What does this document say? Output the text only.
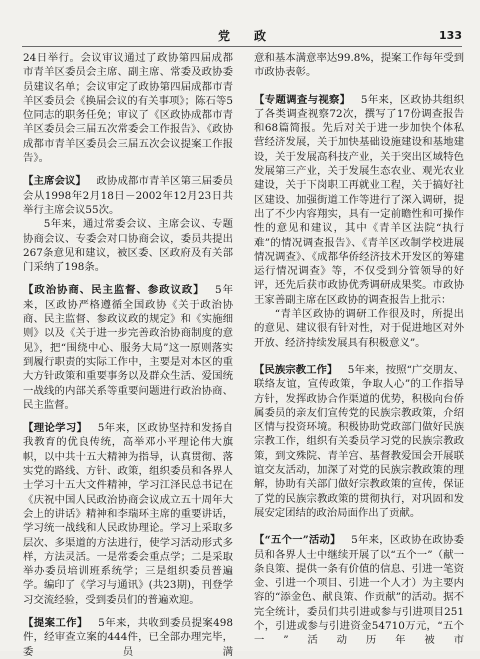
党政	133

24日举行。会议审议通过了政协第四届成都市青羊区委员会主席、副主席、常委及政协委员建议名单；会议审定了政协第四届成都市青羊区委员会《换届会议的有关事项》；陈石等5位同志的职务任免；审议了《区政协成都市青羊区委员会三届五次常委会工作报告》、《政协成都市青羊区委员会三届五次会议提案工作报告》。

【主席会议】 政协成都市青羊区第三届委员会从1998年2月18日－2002年12月23日共举行主席会议55次。

5年来，通过常委会议、主席会议、专题协商会议、专委会对口协商会议，委员共提出267条意见和建议，被区委、区政府及有关部门采纳了198条。

【政治协商、民主监督、参政议政】 5年来，区政协严格遵循全国政协《关于政治协商、民主监督、参政议政的规定》和《实施细则》以及《关于进一步完善政治协商制度的意见》，把“围绕中心、服务大局”这一原则落实到履行职责的实际工作中，主要是对本区的重大方针政策和重要事务以及群众生活、爱国统一战线的内部关系等重要问题进行政治协商、民主监督。

【理论学习】 5年来，区政协坚持和发扬自我教育的优良传统，高举邓小平理论伟大旗帜，以中共十五大精神为指导，认真贯彻、落实党的路线、方针、政策，组织委员和各界人士学习十五大文件精神，学习江泽民总书记在《庆祝中国人民政治协商会议成立五十周年大会上的讲话》精神和李瑞环主席的重要讲话，学习统一战线和人民政协理论。学习上采取多层次、多渠道的方法进行，使学习活动形式多样，方法灵活。一是常委会重点学；二是采取举办委员培训班系统学；三是组织委员普遍学。编印了《学习与通讯》(共23期)，刊登学习交流经验，受到委员们的普遍欢迎。

【提案工作】 5年来，共收到委员提案498件，经审查立案的444件，已全部办理完毕，委员满

意和基本满意率达99.8%，提案工作每年受到市政协表彰。

【专题调查与视察】 5年来，区政协共组织了各类调查视察72次，撰写了17份调查报告和68篇简报。先后对关于进一步加快个体私营经济发展，关于加快基础设施建设和基地建设，关于发展高科技产业，关于突出区域特色发展第三产业，关于发展生态农业、观光农业建设，关于下岗职工再就业工程，关于搞好社区建设、加强街道工作等进行了深入调研，提出了不少内容翔实，具有一定前瞻性和可操作性的意见和建议，其中《青羊区法院“执行难”的情况调查报告》、《青羊区改制学校进展情况调查》、《成都华侨经济技术开发区的筹建运行情况调查》等，不仅受到分管领导的好评，还先后获市政协优秀调研成果奖。市政协王家善副主席在区政协的调查报告上批示：

“青羊区政协的调研工作很及时，所提出的意见、建议很有针对性，对于促进地区对外开放、经济持续发展具有积极意义”。

【民族宗教工作】 5年来，按照“广交朋友、联络友谊，宣传政策，争取人心”的工作指导方针，发挥政协合作渠道的优势，积极向台侨属委员的亲友们宣传党的民族宗教政策，介绍区情与投资环境。积极协助党政部门做好民族宗教工作，组织有关委员学习党的民族宗教政策，到文殊院、青羊宫、基督教爱国会开展联谊交友活动，加深了对党的民族宗教政策的理解，协助有关部门做好宗教政策的宣传，保证了党的民族宗教政策的贯彻执行，对巩固和发展安定团结的政治局面作出了贡献。

【“五个一”活动】 5年来，区政协在政协委员和各界人士中继续开展了以“五个一”（献一条良策、提供一条有价值的信息、引进一笔资金、引进一个项目、引进一个人才）为主要内容的“添金色、献良策、作贡献”的活动。据不完全统计，委员们共引进或参与引进项目251个，引进或参与引进资金54710万元，“五个一”活动历年被市
